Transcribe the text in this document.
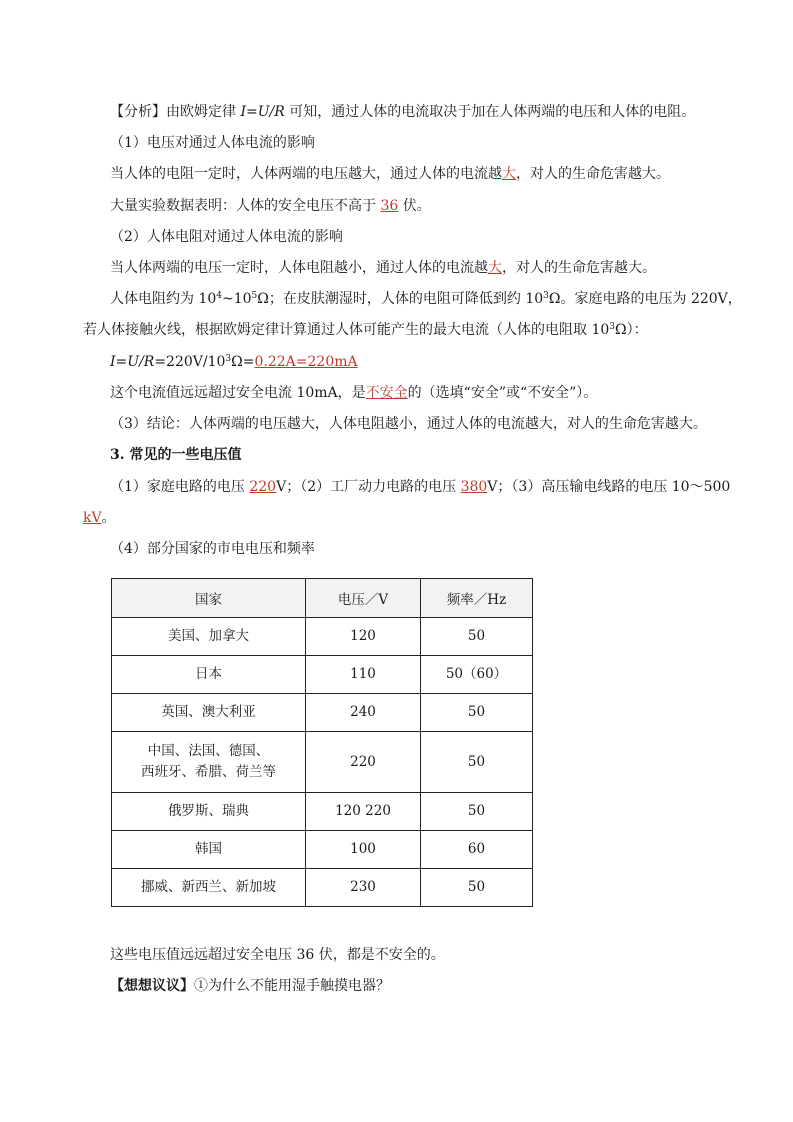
【分析】由欧姆定律 I=U/R 可知，通过人体的电流取决于加在人体两端的电压和人体的电阻。
（1）电压对通过人体电流的影响
当人体的电阻一定时，人体两端的电压越大，通过人体的电流越大，对人的生命危害越大。
大量实验数据表明：人体的安全电压不高于 36 伏。
（2）人体电阻对通过人体电流的影响
当人体两端的电压一定时，人体电阻越小，通过人体的电流越大，对人的生命危害越大。
人体电阻约为 $10^4\sim 10^5\Omega$；在皮肤潮湿时，人体的电阻可降低到约 $10^3\Omega$。家庭电路的电压为 220V，
若人体接触火线，根据欧姆定律计算通过人体可能产生的最大电流（人体的电阻取 $10^3\Omega$）：
$I=U/R=220V/10^3\Omega=0.22A=220mA$
这个电流值远远超过安全电流 10mA，是不安全的（选填“安全”或“不安全”）。
（3）结论：人体两端的电压越大，人体电阻越小，通过人体的电流越大，对人的生命危害越大。
3. 常见的一些电压值
（1）家庭电路的电压 220V；（2）工厂动力电路的电压 380V；（3）高压输电线路的电压 10～500
kV。
（4）部分国家的市电电压和频率
国家	电压／V	频率／Hz
美国、加拿大	120	50
日本	110	50（60）
英国、澳大利亚	240	50
中国、法国、德国、
西班牙、希腊、荷兰等	220	50
俄罗斯、瑞典	120 220	50
韩国	100	60
挪威、新西兰、新加坡	230	50
这些电压值远远超过安全电压 36 伏，都是不安全的。
【想想议议】①为什么不能用湿手触摸电器？
